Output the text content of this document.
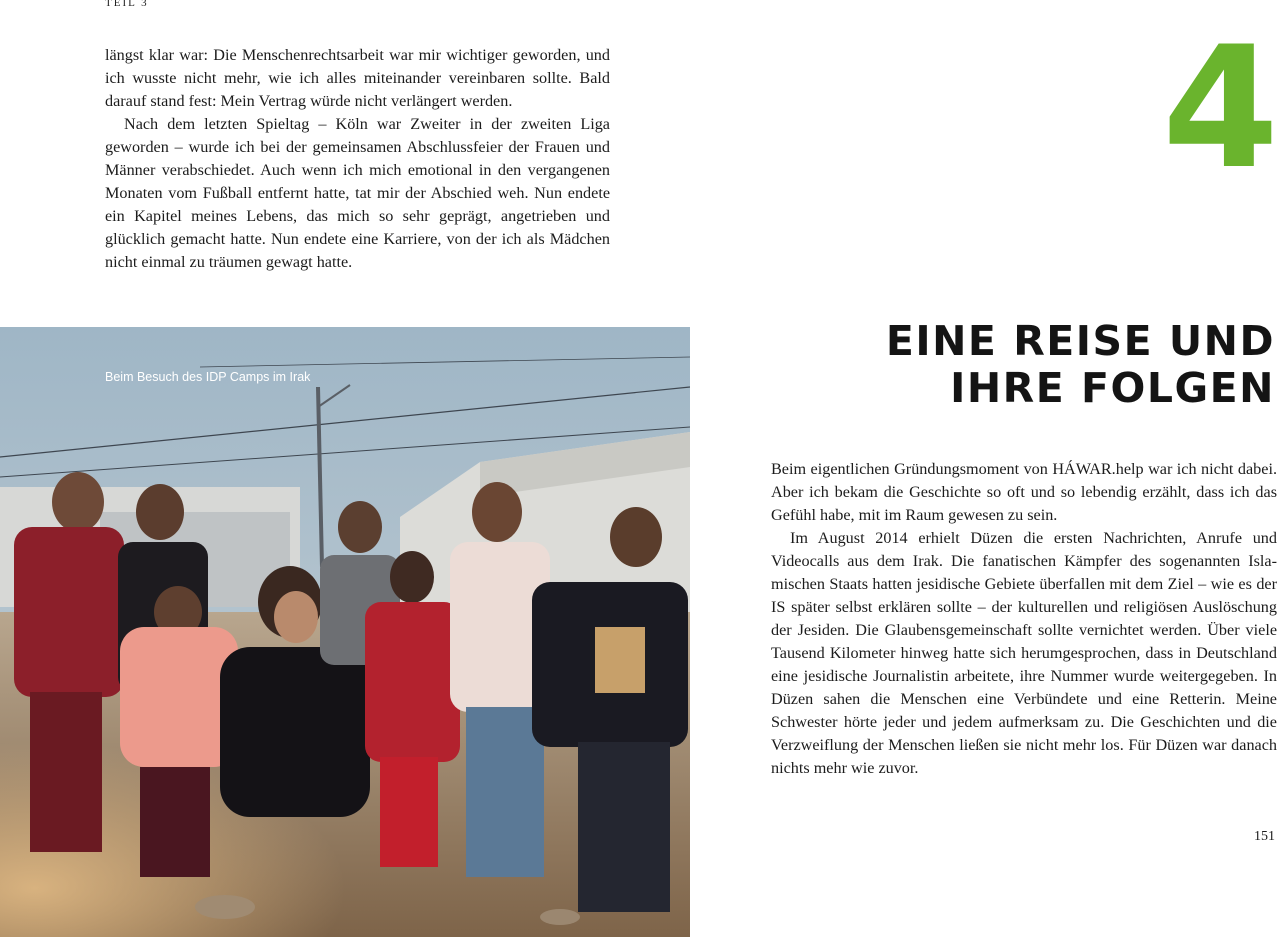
TEIL 3

längst klar war: Die Menschenrechtsarbeit war mir wichtiger geworden, und ich wusste nicht mehr, wie ich alles miteinander vereinbaren sollte. Bald darauf stand fest: Mein Vertrag würde nicht verlängert werden.

Nach dem letzten Spieltag – Köln war Zweiter in der zweiten Liga geworden – wurde ich bei der gemeinsamen Abschlussfeier der Frauen und Männer verabschiedet. Auch wenn ich mich emotional in den vergangenen Monaten vom Fußball entfernt hatte, tat mir der Abschied weh. Nun endete ein Kapitel meines Lebens, das mich so sehr geprägt, angetrieben und glücklich gemacht hatte. Nun endete eine Karriere, von der ich als Mädchen nicht einmal zu träumen gewagt hatte.

Beim Besuch des IDP Camps im Irak

4

EINE REISE UND
IHRE FOLGEN

Beim eigentlichen Gründungsmoment von HÁWAR.help war ich nicht dabei. Aber ich bekam die Geschichte so oft und so lebendig erzählt, dass ich das Gefühl habe, mit im Raum gewesen zu sein.

Im August 2014 erhielt Düzen die ersten Nachrichten, Anrufe und Videocalls aus dem Irak. Die fanatischen Kämpfer des sogenannten Islamischen Staats hatten jesidische Gebiete überfallen mit dem Ziel – wie es der IS später selbst erklären sollte – der kulturellen und religiösen Auslöschung der Jesiden. Die Glaubensgemeinschaft sollte vernichtet werden. Über viele Tausend Kilometer hinweg hatte sich herumgesprochen, dass in Deutschland eine jesidische Journalistin arbeitete, ihre Nummer wurde weitergegeben. In Düzen sahen die Menschen eine Verbündete und eine Retterin. Meine Schwester hörte jeder und jedem aufmerksam zu. Die Geschichten und die Verzweiflung der Menschen ließen sie nicht mehr los. Für Düzen war danach nichts mehr wie zuvor.

151
